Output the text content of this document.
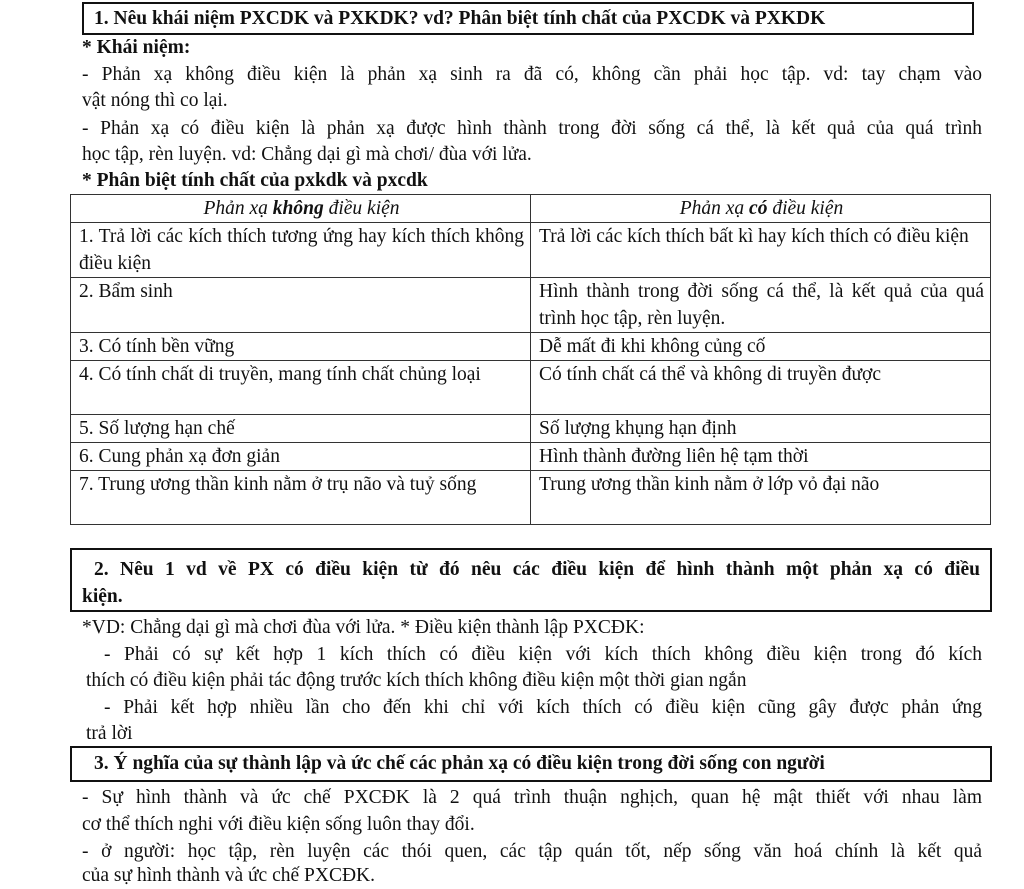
1. Nêu khái niệm PXCDK và PXKDK? vd? Phân biệt tính chất của PXCDK và PXKDK
* Khái niệm:
- Phản xạ không điều kiện là phản xạ sinh ra đã có, không cần phải học tập. vd: tay chạm vào
vật nóng thì co lại.
- Phản xạ có điều kiện là phản xạ được hình thành trong đời sống cá thể, là kết quả của quá trình
học tập, rèn luyện. vd: Chẳng dại gì mà chơi/ đùa với lửa.
* Phân biệt tính chất của pxkdk và pxcdk
Phản xạ không điều kiện	Phản xạ có điều kiện
1. Trả lời các kích thích tương ứng hay kích thích không điều kiện	Trả lời các kích thích bất kì hay kích thích có điều kiện
2. Bẩm sinh	Hình thành trong đời sống cá thể, là kết quả của quá trình học tập, rèn luyện.
3. Có tính bền vững	Dễ mất đi khi không củng cố
4. Có tính chất di truyền, mang tính chất chủng loại	Có tính chất cá thể và không di truyền được
5. Số lượng hạn chế	Số lượng khụng hạn định
6. Cung phản xạ đơn giản	Hình thành đường liên hệ tạm thời
7. Trung ương thần kinh nằm ở trụ não và tuỷ sống	Trung ương thần kinh nằm ở lớp vỏ đại não
2. Nêu 1 vd về PX có điều kiện từ đó nêu các điều kiện để hình thành một phản xạ có điều
kiện.
*VD: Chẳng dại gì mà chơi đùa với lửa. * Điều kiện thành lập PXCĐK:
- Phải có sự kết hợp 1 kích thích có điều kiện với kích thích không điều kiện trong đó kích
thích có điều kiện phải tác động trước kích thích không điều kiện một thời gian ngắn
- Phải kết hợp nhiều lần cho đến khi chỉ với kích thích có điều kiện cũng gây được phản ứng
trả lời
3. Ý nghĩa của sự thành lập và ức chế các phản xạ có điều kiện trong đời sống con người
- Sự hình thành và ức chế PXCĐK là 2 quá trình thuận nghịch, quan hệ mật thiết với nhau làm
cơ thể thích nghi với điều kiện sống luôn thay đổi.
- ở người: học tập, rèn luyện các thói quen, các tập quán tốt, nếp sống văn hoá chính là kết quả
của sự hình thành và ức chế PXCĐK.
